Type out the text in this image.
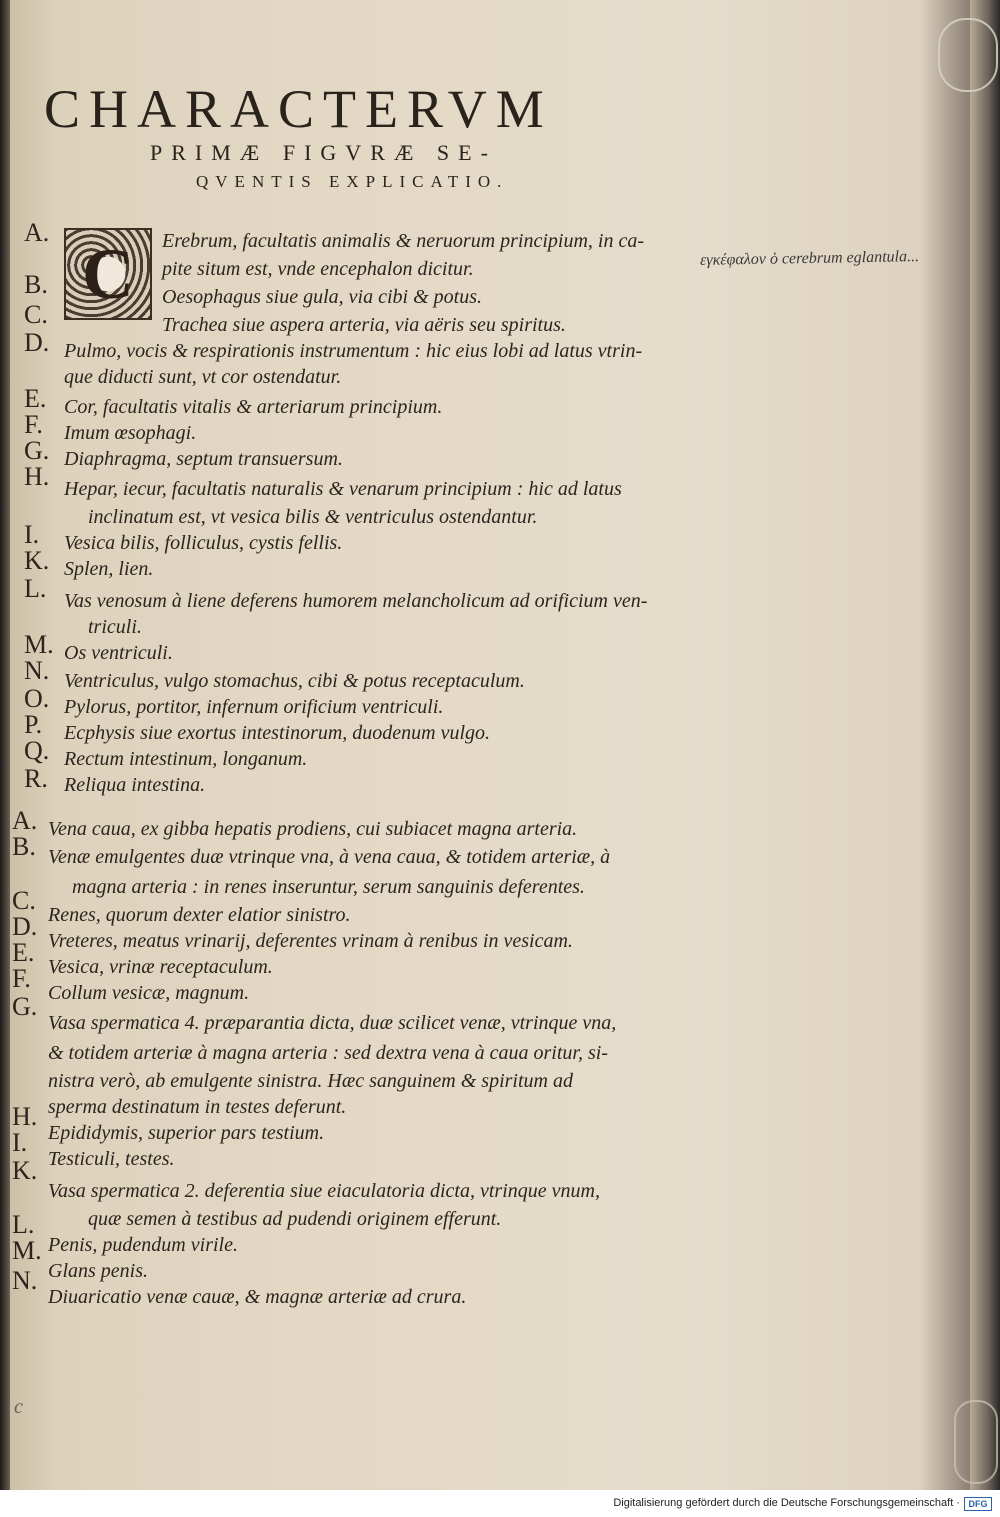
CHARACTERVM
PRIMÆ FIGVRÆ SE-
QVENTIS EXPLICATIO.
C	εγκέφαλον ὁ cerebrum eglantula...
A.	Erebrum, facultatis animalis & neruorum principium, in ca-
pite situm est, vnde encephalon dicitur.
B.	Oesophagus siue gula, via cibi & potus.
C.	Trachea siue aspera arteria, via aëris seu spiritus.
D. Pulmo, vocis & respirationis instrumentum : hic eius lobi ad latus vtrin-
que diducti sunt, vt cor ostendatur.
E. Cor, facultatis vitalis & arteriarum principium.
F. Imum œsophagi.
G. Diaphragma, septum transuersum.
H. Hepar, iecur, facultatis naturalis & venarum principium : hic ad latus
inclinatum est, vt vesica bilis & ventriculus ostendantur.
I. Vesica bilis, folliculus, cystis fellis.
K. Splen, lien.
L. Vas venosum à liene deferens humorem melancholicum ad orificium ven-
triculi.
M. Os ventriculi.
N. Ventriculus, vulgo stomachus, cibi & potus receptaculum.
O. Pylorus, portitor, infernum orificium ventriculi.
P. Ecphysis siue exortus intestinorum, duodenum vulgo.
Q. Rectum intestinum, longanum.
R. Reliqua intestina.
A. Vena caua, ex gibba hepatis prodiens, cui subiacet magna arteria.
B. Venæ emulgentes duæ vtrinque vna, à vena caua, & totidem arteriæ, à
magna arteria : in renes inseruntur, serum sanguinis deferentes.
C. Renes, quorum dexter elatior sinistro.
D. Vreteres, meatus vrinarij, deferentes vrinam à renibus in vesicam.
E. Vesica, vrinæ receptaculum.
F. Collum vesicæ, magnum.
G.
Vasa spermatica 4. præparantia dicta, duæ scilicet venæ, vtrinque vna,
& totidem arteriæ à magna arteria : sed dextra vena à caua oritur, si-
nistra verò, ab emulgente sinistra. Hæc sanguinem & spiritum ad
sperma destinatum in testes deferunt.
H.
Epididymis, superior pars testium.
I.
Testiculi, testes.
K.
Vasa spermatica 2. deferentia siue eiaculatoria dicta, vtrinque vnum,
quæ semen à testibus ad pudendi originem efferunt.
L.
Penis, pudendum virile.
M.
Glans penis.
N.
Diuaricatio venæ cauæ, & magnæ arteriæ ad crura.
c
Digitalisierung gefördert durch die Deutsche Forschungsgemeinschaft · DFG
